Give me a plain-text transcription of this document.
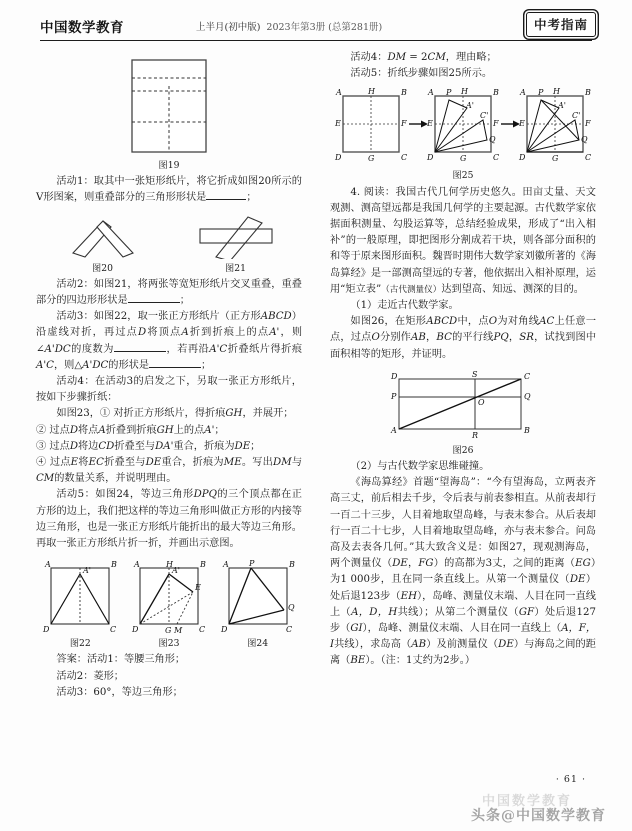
中国数学教育	上半月(初中版) 2023年第3册 (总第281册)	中考指南
图19

活动1：取其中一张矩形纸片，将它折成如图20所示的V形图案，则重叠部分的三角形形状是	；

图20	图21

活动2：如图21，将两张等宽矩形纸片交叉重叠，重叠部分的四边形形状是	；

活动3：如图22，取一张正方形纸片（正方形ABCD）沿虚线对折，再过点D将顶点A折到折痕上的点A'，则∠A'DC的度数为	，若再沿A'C折叠纸片得折痕A'C，则△A'DC的形状是	；

活动4：在活动3的启发之下，另取一张正方形纸片，按如下步骤折纸：

如图23，① 对折正方形纸片，得折痕GH，并展开；

② 过点D将点A折叠到折痕GH上的点A'；

③ 过点D将边CD折叠至与DA'重合，折痕为DE；

④ 过点E将EC折叠至与DE重合，折痕为ME。写出DM与CM的数量关系，并说明理由。

活动5：如图24，等边三角形DPQ的三个顶点都在正方形的边上，我们把这样的等边三角形叫做正方形的内接等边三角形，也是一张正方形纸片能折出的最大等边三角形。再取一张正方形纸片折一折，并画出示意图。

A	B
A'
D	C
图22
A	H	B
A'
E
D	G M C
图23
A	P	B
Q
D	C
图24

答案：活动1：等腰三角形；

活动2：菱形；

活动3：60°，等边三角形；

活动4：DM = 2CM，理由略；

活动5：折纸步骤如图25所示。

A	H	B
E	F
D	G	C
A P H	B
E	F
A'
C'
Q
D	G	C
A P H	B
E	F
A'
C'
Q
D	G	C
图25

4. 阅读：我国古代几何学历史悠久。田亩丈量、天文观测、测高望远都是我国几何学的主要起源。古代数学家依据面积测量、勾股运算等，总结经验成果，形成了“出入相补”的一般原理，即把图形分割成若干块，则各部分面积的和等于原来图形面积。魏晋时期伟大数学家刘徽所著的《海岛算经》是一部测高望远的专著，他依据出入相补原理，运用“矩立表”（古代测量仪）达到望高、知远、测深的目的。

（1）走近古代数学家。

如图26，在矩形ABCD中，点O为对角线AC上任意一点，过点O分别作AB，BC的平行线PQ，SR，试找到图中面积相等的矩形，并证明。

D	S	C
P
O
Q
A
R
B
图26

（2）与古代数学家思维碰撞。

《海岛算经》首题“望海岛”：“今有望海岛，立两表齐高三丈，前后相去千步，令后表与前表参相直。从前表却行一百二十三步，人目着地取望岛峰，与表末参合。从后表却行一百二十七步，人目着地取望岛峰，亦与表末参合。问岛高及去表各几何。”其大致含义是：如图27，现观测海岛，两个测量仪（DE，FG）的高都为3丈，之间的距离（EG）为1 000步，且在同一条直线上。从第一个测量仪（DE）处后退123步（EH），岛峰、测量仪末端、人目在同一直线上（A，D，H共线）；从第二个测量仪（GF）处后退127步（GI），岛峰、测量仪末端、人目在同一直线上（A，F，I共线），求岛高（AB）及前测量仪（DE）与海岛之间的距离（BE）。（注：1丈约为2步。）

· 61 ·
中国数学教育
头条@中国数学教育
